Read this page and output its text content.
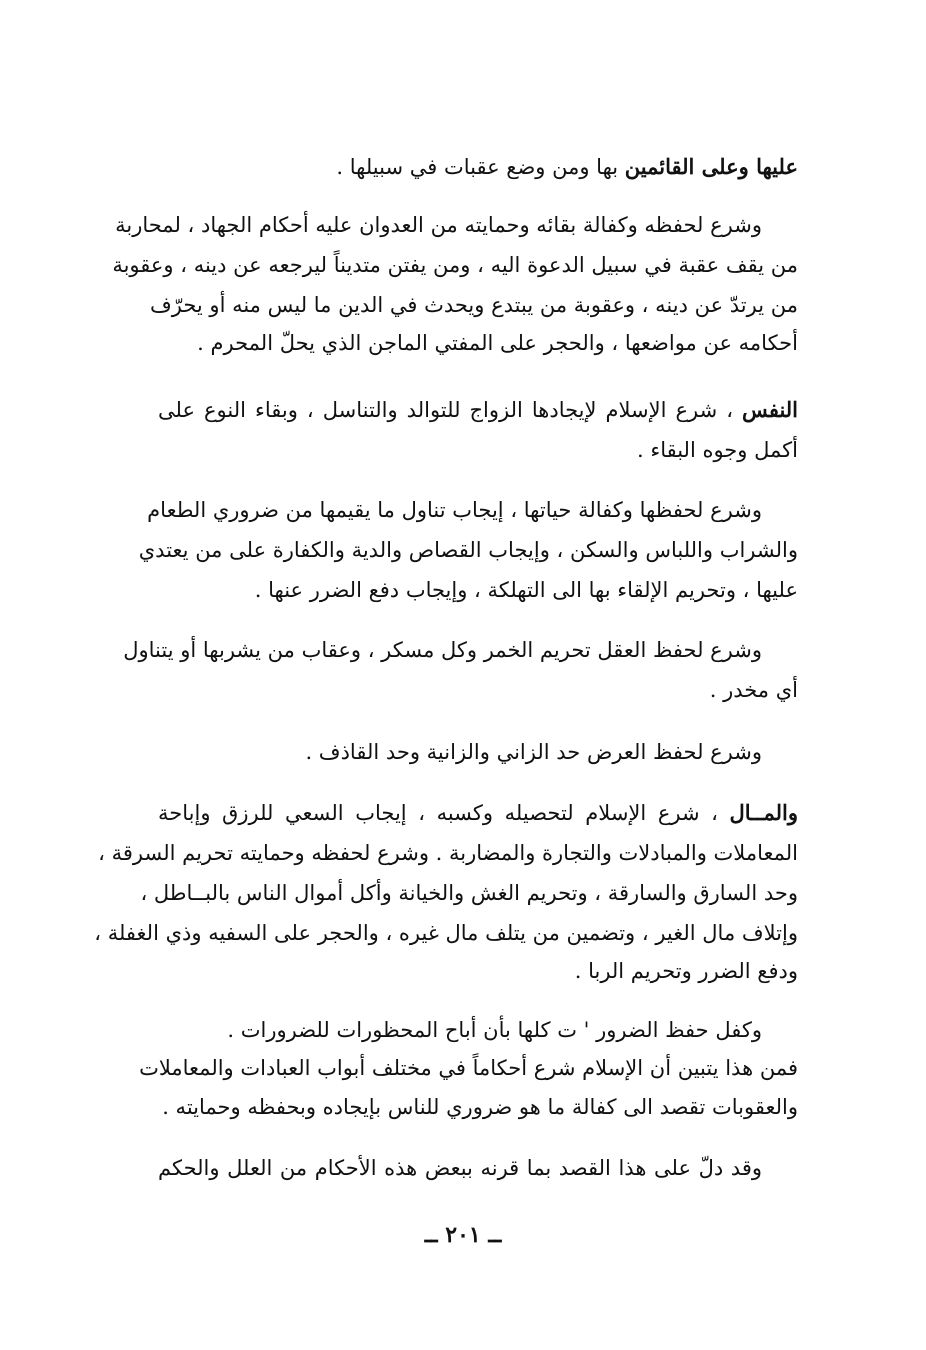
عليها وعلى القائمين بها ومن وضع عقبات في سبيلها .
وشرع لحفظه وكفالة بقائه وحمايته من العدوان عليه أحكام الجهاد ، لمحاربة
من يقف عقبة في سبيل الدعوة اليه ، ومن يفتن متديناً ليرجعه عن دينه ، وعقوبة
من يرتدّ عن دينه ، وعقوبة من يبتدع ويحدث في الدين ما ليس منه أو يحرّف
أحكامه عن مواضعها ، والحجر على المفتي الماجن الذي يحلّ المحرم .
النفس ، شرع الإسلام لإيجادها الزواج للتوالد والتناسل ، وبقاء النوع على
أكمل وجوه البقاء .
وشرع لحفظها وكفالة حياتها ، إيجاب تناول ما يقيمها من ضروري الطعام
والشراب واللباس والسكن ، وإيجاب القصاص والدية والكفارة على من يعتدي
عليها ، وتحريم الإلقاء بها الى التهلكة ، وإيجاب دفع الضرر عنها .
وشرع لحفظ العقل تحريم الخمر وكل مسكر ، وعقاب من يشربها أو يتناول
أي مخدر .
وشرع لحفظ العرض حد الزاني والزانية وحد القاذف .
والمــال ، شرع الإسلام لتحصيله وكسبه ، إيجاب السعي للرزق وإباحة
المعاملات والمبادلات والتجارة والمضاربة . وشرع لحفظه وحمايته تحريم السرقة ،
وحد السارق والسارقة ، وتحريم الغش والخيانة وأكل أموال الناس بالبــاطل ،
وإتلاف مال الغير ، وتضمين من يتلف مال غيره ، والحجر على السفيه وذي الغفلة ،
ودفع الضرر وتحريم الربا .
وكفل حفظ الضرور ' ت كلها بأن أباح المحظورات للضرورات .
فمن هذا يتبين أن الإسلام شرع أحكاماً في مختلف أبواب العبادات والمعاملات
والعقوبات تقصد الى كفالة ما هو ضروري للناس بإيجاده وبحفظه وحمايته .
وقد دلّ على هذا القصد بما قرنه ببعض هذه الأحكام من العلل والحكم
ــ ٢٠١ ــ
